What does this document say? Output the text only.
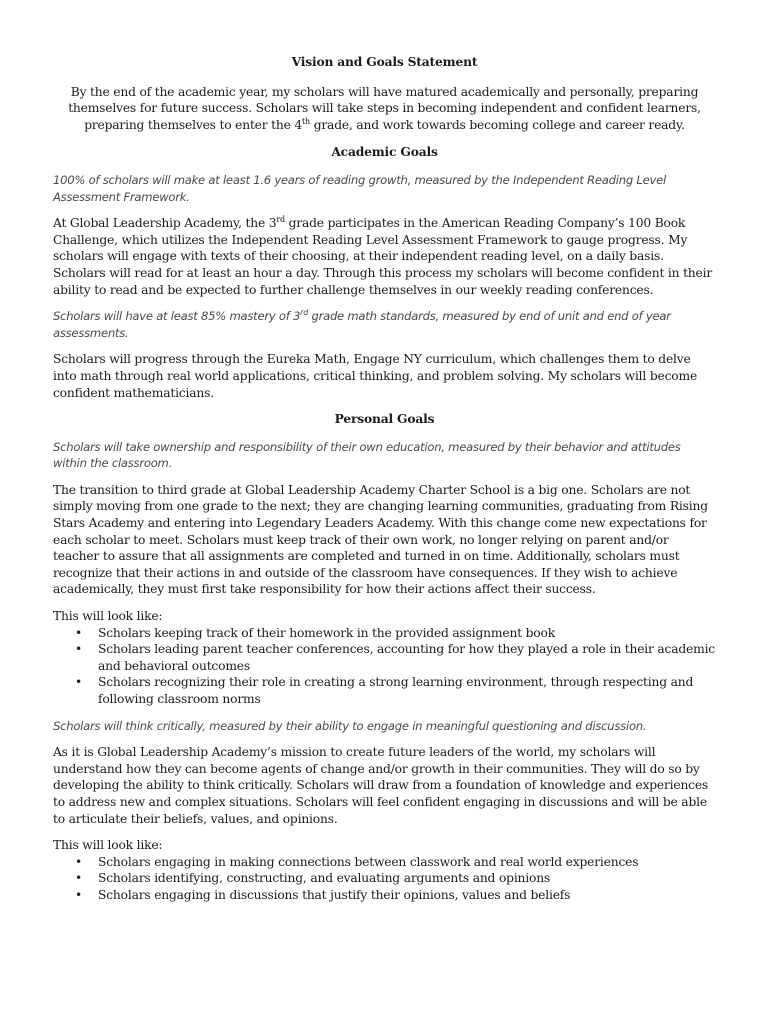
Vision and Goals Statement

By the end of the academic year, my scholars will have matured academically and personally, preparing themselves for future success. Scholars will take steps in becoming independent and confident learners, preparing themselves to enter the 4th grade, and work towards becoming college and career ready.

Academic Goals

100% of scholars will make at least 1.6 years of reading growth, measured by the Independent Reading Level Assessment Framework.

At Global Leadership Academy, the 3rd grade participates in the American Reading Company’s 100 Book Challenge, which utilizes the Independent Reading Level Assessment Framework to gauge progress. My scholars will engage with texts of their choosing, at their independent reading level, on a daily basis. Scholars will read for at least an hour a day. Through this process my scholars will become confident in their ability to read and be expected to further challenge themselves in our weekly reading conferences.

Scholars will have at least 85% mastery of 3rd grade math standards, measured by end of unit and end of year assessments.

Scholars will progress through the Eureka Math, Engage NY curriculum, which challenges them to delve into math through real world applications, critical thinking, and problem solving. My scholars will become confident mathematicians.

Personal Goals

Scholars will take ownership and responsibility of their own education, measured by their behavior and attitudes within the classroom.

The transition to third grade at Global Leadership Academy Charter School is a big one. Scholars are not simply moving from one grade to the next; they are changing learning communities, graduating from Rising Stars Academy and entering into Legendary Leaders Academy. With this change come new expectations for each scholar to meet. Scholars must keep track of their own work, no longer relying on parent and/or teacher to assure that all assignments are completed and turned in on time. Additionally, scholars must recognize that their actions in and outside of the classroom have consequences. If they wish to achieve academically, they must first take responsibility for how their actions affect their success.

This will look like:

• Scholars keeping track of their homework in the provided assignment book
• Scholars leading parent teacher conferences, accounting for how they played a role in their academic and behavioral outcomes
• Scholars recognizing their role in creating a strong learning environment, through respecting and following classroom norms

Scholars will think critically, measured by their ability to engage in meaningful questioning and discussion.

As it is Global Leadership Academy’s mission to create future leaders of the world, my scholars will understand how they can become agents of change and/or growth in their communities. They will do so by developing the ability to think critically. Scholars will draw from a foundation of knowledge and experiences to address new and complex situations. Scholars will feel confident engaging in discussions and will be able to articulate their beliefs, values, and opinions.

This will look like:

• Scholars engaging in making connections between classwork and real world experiences
• Scholars identifying, constructing, and evaluating arguments and opinions
• Scholars engaging in discussions that justify their opinions, values and beliefs
